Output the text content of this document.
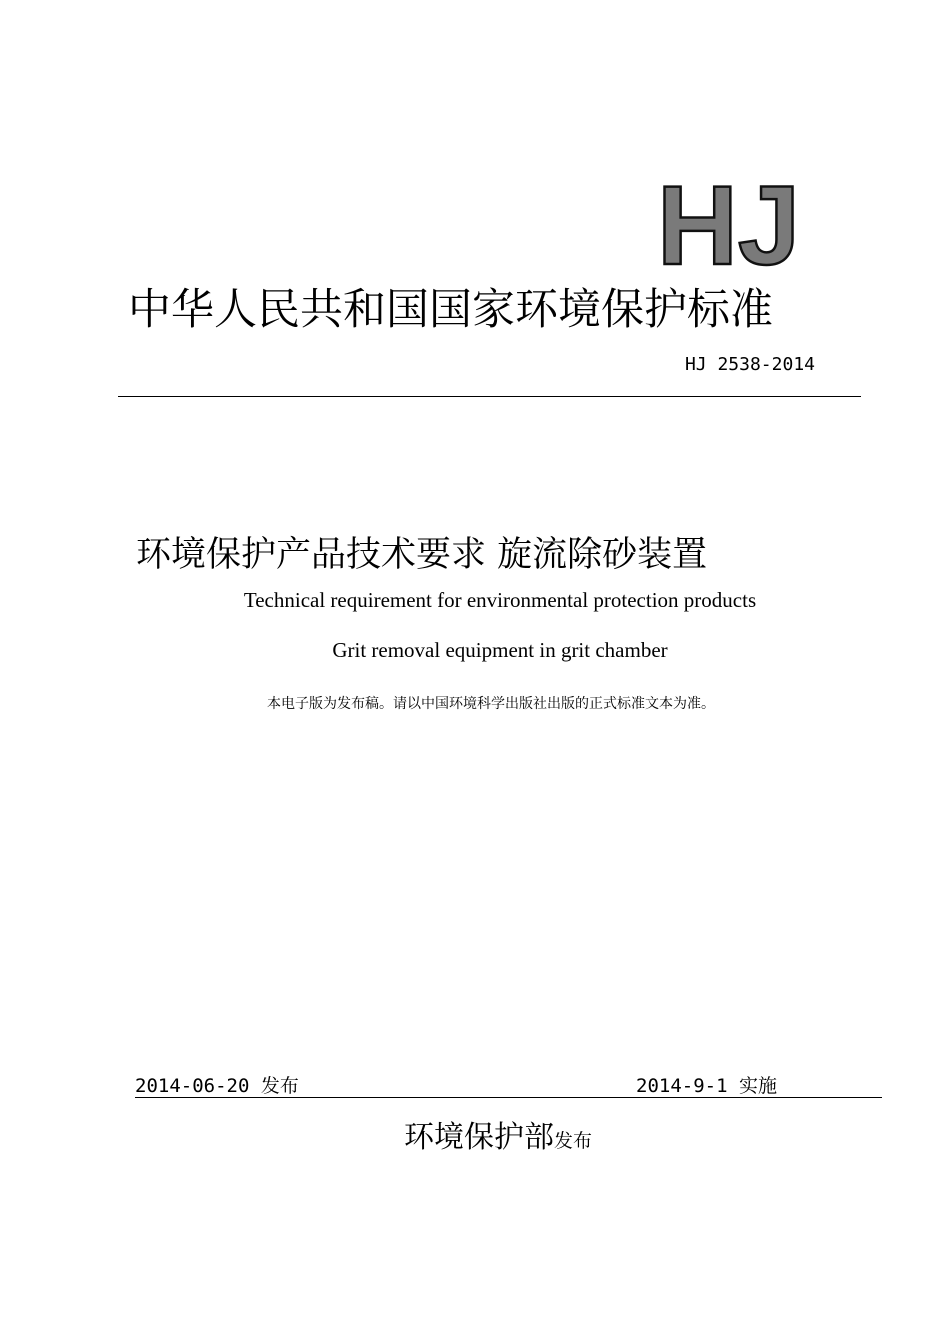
HJ
中华人民共和国国家环境保护标准
HJ 2538-2014
环境保护产品技术要求 旋流除砂装置
Technical requirement for environmental protection products
Grit removal equipment in grit chamber
本电子版为发布稿。请以中国环境科学出版社出版的正式标准文本为准。
2014-06-20 发布	2014-9-1 实施
环境保护部发布
